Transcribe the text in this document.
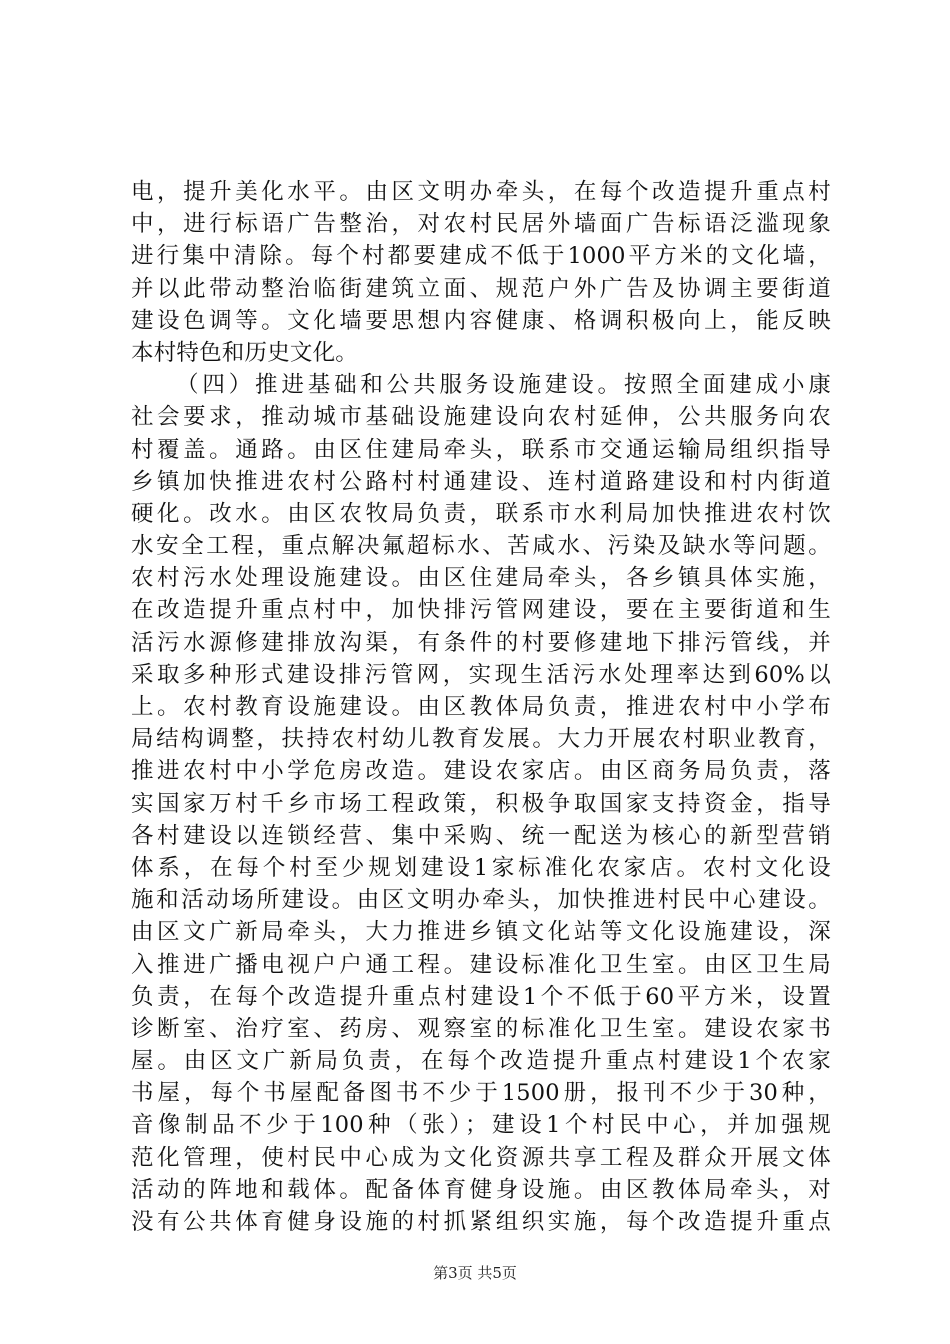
电，提升美化水平。由区文明办牵头，在每个改造提升重点村
中，进行标语广告整治，对农村民居外墙面广告标语泛滥现象
进行集中清除。每个村都要建成不低于1000平方米的文化墙，
并以此带动整治临街建筑立面、规范户外广告及协调主要街道
建设色调等。文化墙要思想内容健康、格调积极向上，能反映
本村特色和历史文化。
（四）推进基础和公共服务设施建设。按照全面建成小康
社会要求，推动城市基础设施建设向农村延伸，公共服务向农
村覆盖。通路。由区住建局牵头，联系市交通运输局组织指导
乡镇加快推进农村公路村村通建设、连村道路建设和村内街道
硬化。改水。由区农牧局负责，联系市水利局加快推进农村饮
水安全工程，重点解决氟超标水、苦咸水、污染及缺水等问题。
农村污水处理设施建设。由区住建局牵头，各乡镇具体实施，
在改造提升重点村中，加快排污管网建设，要在主要街道和生
活污水源修建排放沟渠，有条件的村要修建地下排污管线，并
采取多种形式建设排污管网，实现生活污水处理率达到60%以
上。农村教育设施建设。由区教体局负责，推进农村中小学布
局结构调整，扶持农村幼儿教育发展。大力开展农村职业教育，
推进农村中小学危房改造。建设农家店。由区商务局负责，落
实国家万村千乡市场工程政策，积极争取国家支持资金，指导
各村建设以连锁经营、集中采购、统一配送为核心的新型营销
体系，在每个村至少规划建设1家标准化农家店。农村文化设
施和活动场所建设。由区文明办牵头，加快推进村民中心建设。
由区文广新局牵头，大力推进乡镇文化站等文化设施建设，深
入推进广播电视户户通工程。建设标准化卫生室。由区卫生局
负责，在每个改造提升重点村建设1个不低于60平方米，设置
诊断室、治疗室、药房、观察室的标准化卫生室。建设农家书
屋。由区文广新局负责，在每个改造提升重点村建设1个农家
书屋，每个书屋配备图书不少于1500册，报刊不少于30种，
音像制品不少于100种（张）；建设1个村民中心，并加强规
范化管理，使村民中心成为文化资源共享工程及群众开展文体
活动的阵地和载体。配备体育健身设施。由区教体局牵头，对
没有公共体育健身设施的村抓紧组织实施，每个改造提升重点
第3页 共5页
